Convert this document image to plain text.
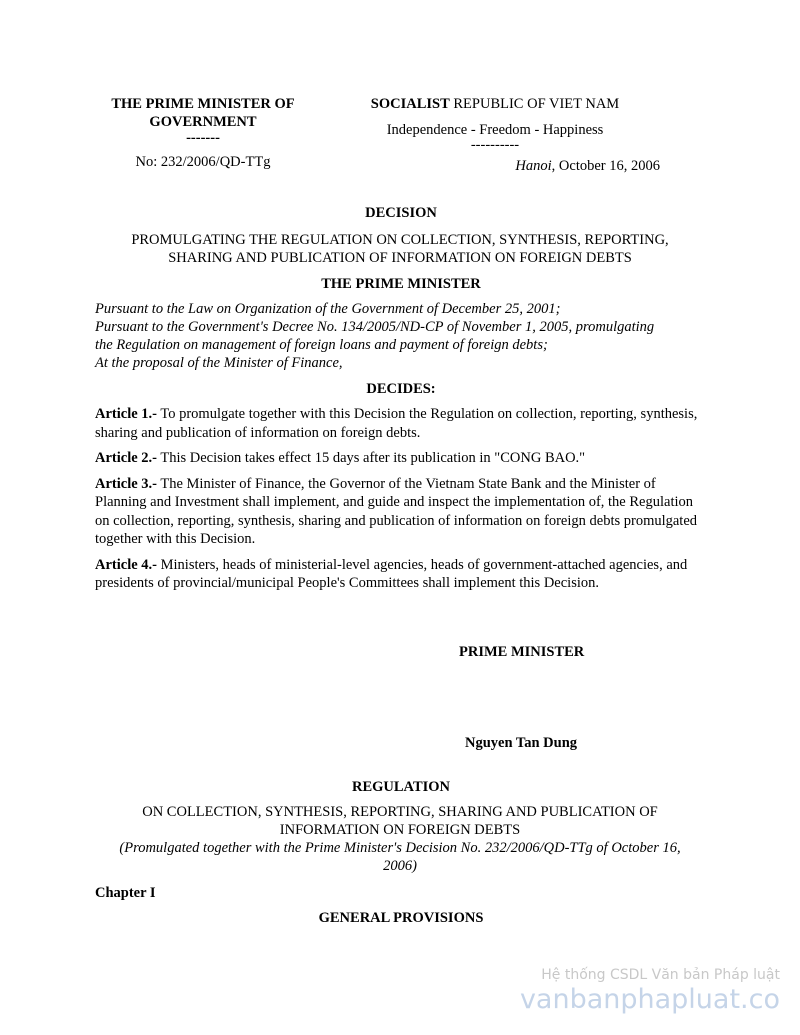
THE PRIME MINISTER OF
GOVERNMENT
-------
No: 232/2006/QD-TTg
SOCIALIST REPUBLIC OF VIET NAM
Independence - Freedom - Happiness
----------
Hanoi, October 16, 2006
DECISION
PROMULGATING THE REGULATION ON COLLECTION, SYNTHESIS, REPORTING,
SHARING AND PUBLICATION OF INFORMATION ON FOREIGN DEBTS
THE PRIME MINISTER
Pursuant to the Law on Organization of the Government of December 25, 2001;
Pursuant to the Government's Decree No. 134/2005/ND-CP of November 1, 2005, promulgating
the Regulation on management of foreign loans and payment of foreign debts;
At the proposal of the Minister of Finance,
DECIDES:

Article 1.- To promulgate together with this Decision the Regulation on collection, reporting, synthesis, sharing and publication of information on foreign debts.

Article 2.- This Decision takes effect 15 days after its publication in "CONG BAO."

Article 3.- The Minister of Finance, the Governor of the Vietnam State Bank and the Minister of Planning and Investment shall implement, and guide and inspect the implementation of, the Regulation on collection, reporting, synthesis, sharing and publication of information on foreign debts promulgated together with this Decision.

Article 4.- Ministers, heads of ministerial-level agencies, heads of government-attached agencies, and presidents of provincial/municipal People's Committees shall implement this Decision.

PRIME MINISTER
Nguyen Tan Dung
REGULATION
ON COLLECTION, SYNTHESIS, REPORTING, SHARING AND PUBLICATION OF
INFORMATION ON FOREIGN DEBTS
(Promulgated together with the Prime Minister's Decision No. 232/2006/QD-TTg of October 16,
2006)
Chapter I
GENERAL PROVISIONS
Hệ thống CSDL Văn bản Pháp luật
vanbanphapluat.co
